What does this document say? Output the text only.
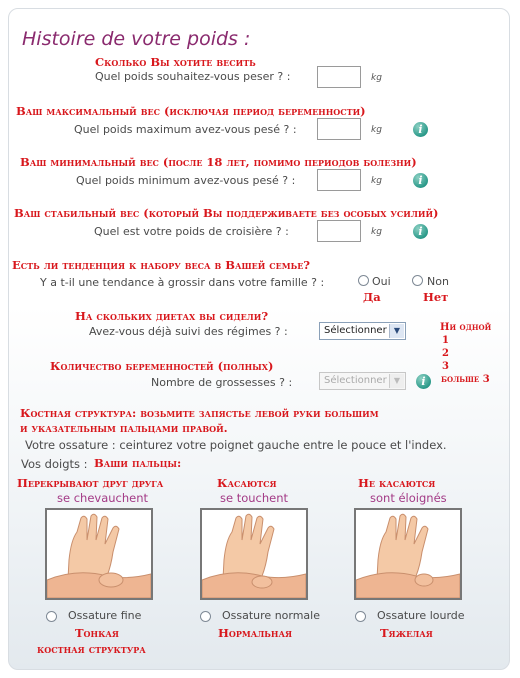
Histoire de votre poids :
Сколько Вы хотите весить
Quel poids souhaitez-vous peser ? :	kg
Ваш максимальный вес (исключая период беременности)
Quel poids maximum avez-vous pesé ? :	kg	i
Ваш минимальный вес (после 18 лет, помимо периодов болезни)
Quel poids minimum avez-vous pesé ? :	kg	i
Ваш стабильный вес (который Вы поддерживаете без особых усилий)
Quel est votre poids de croisière ? :	kg	i
Есть ли тенденция к набору веса в Вашей семье?
Y a t-il une tendance à grossir dans votre famille ? :	Oui	Non
Да	Нет
На скольких диетах вы сидели?
Avez-vous déjà suivi des régimes ? :	Sélectionner ▼	Ни одной
1
2
3
больше 3
Количество беременностей (полных)
Nombre de grossesses ? :	Sélectionner ▼	i
Костная структура: возьмите запястье левой руки большим
и указательным пальцами правой.
Votre ossature : ceinturez votre poignet gauche entre le pouce et l'index.
Vos doigts : Ваши пальцы:
Перекрывают друг друга
se chevauchent
Ossature fine
Тонкая
костная структура
Касаются
se touchent
Ossature normale
Нормальная
Не касаются
sont éloignés
Ossature lourde
Тяжелая
